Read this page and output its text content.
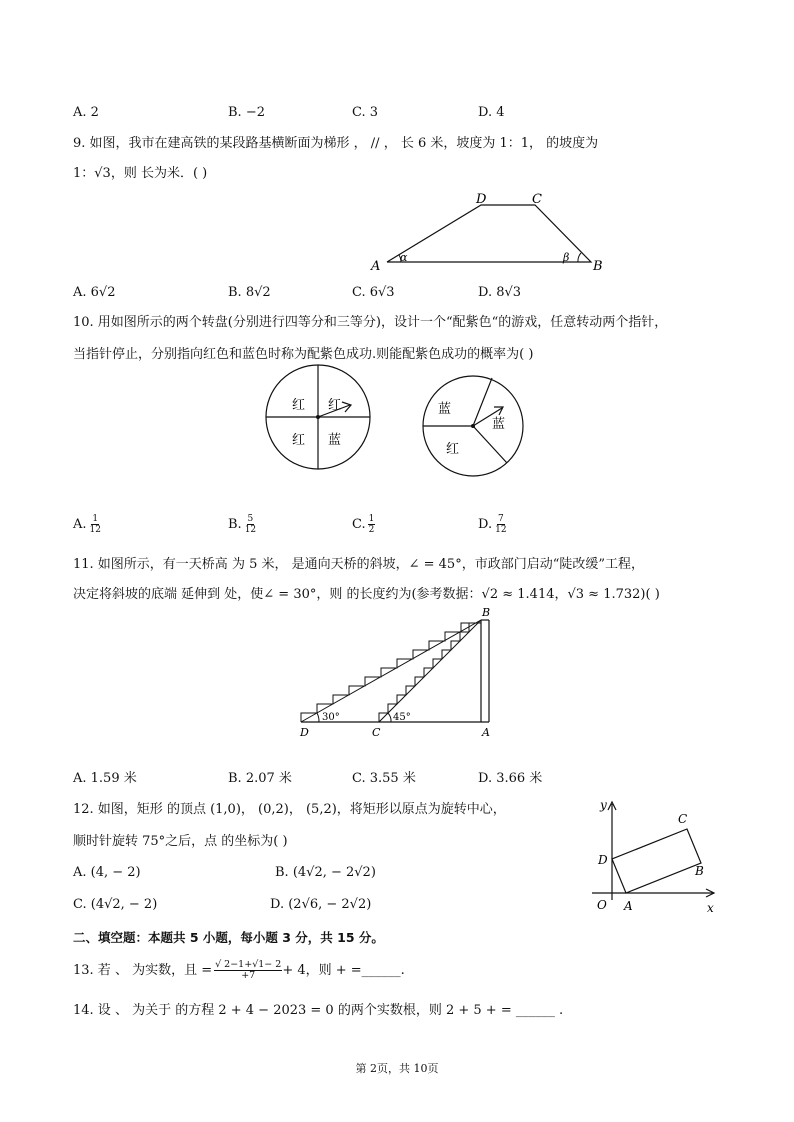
A. 2	B. −2	C. 3	D. 4
9. 如图，我市在建高铁的某段路基横断面为梯形 ， // ， 长 6 米，坡度为 1：1， 的坡度为
1：√3，则 长为米．( )
A	B
C
D
α	β
A. 6√2	B. 8√2	C. 6√3	D. 8√3
10. 用如图所示的两个转盘(分别进行四等分和三等分)，设计一个“配紫色“的游戏，任意转动两个指针，
当指针停止，分别指向红色和蓝色时称为配紫色成功.则能配紫色成功的概率为( )
红 红
红 蓝
蓝
蓝
红
A. $\frac{1}{12}$	B. $\frac{5}{12}$	C. $\frac{1}{2}$	D. $\frac{7}{12}$
11. 如图所示，有一天桥高 为 5 米， 是通向天桥的斜坡，∠ = 45°，市政部门启动“陡改缓”工程，
决定将斜坡的底端 延伸到 处，使∠ = 30°，则 的长度约为(参考数据：√2 ≈ 1.414，√3 ≈ 1.732)( )
D	C	A
B
30°	45°
A. 1.59 米	B. 2.07 米	C. 3.55 米	D. 3.66 米
12. 如图，矩形 的顶点 (1,0)， (0,2)， (5,2)，将矩形以原点为旋转中心，
顺时针旋转 75°之后，点 的坐标为( )
A. (4, − 2)	B. (4√2, − 2√2)
C. (4√2, − 2)	D. (2√6, − 2√2)
y
x
O A
B
C
D
二、填空题：本题共 5 小题，每小题 3 分，共 15 分。
13. 若 、 为实数，且 = $\frac{√ 2-1+√1- 2}{+7} + 4$，则 + =______.
14. 设 、 为关于 的方程 2 + 4 − 2023 = 0 的两个实数根，则 2 + 5 + = ______ .
第 2页，共 10页
